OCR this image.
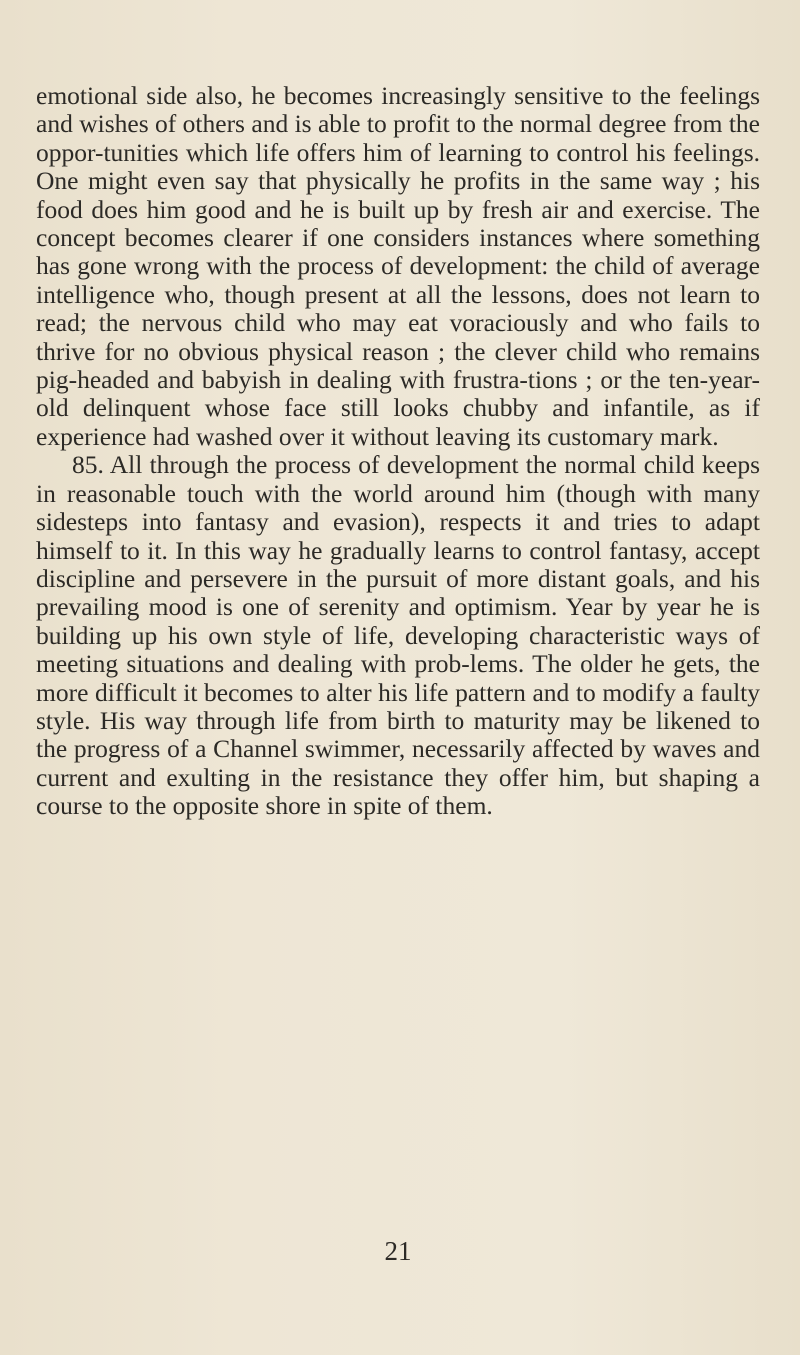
emotional side also, he becomes increasingly sensitive to the feelings and wishes of others and is able to profit to the normal degree from the oppor-tunities which life offers him of learning to control his feelings. One might even say that physically he profits in the same way ; his food does him good and he is built up by fresh air and exercise. The concept becomes clearer if one considers instances where something has gone wrong with the process of development: the child of average intelligence who, though present at all the lessons, does not learn to read; the nervous child who may eat voraciously and who fails to thrive for no obvious physical reason ; the clever child who remains pig-headed and babyish in dealing with frustra-tions ; or the ten-year-old delinquent whose face still looks chubby and infantile, as if experience had washed over it without leaving its customary mark.

85. All through the process of development the normal child keeps in reasonable touch with the world around him (though with many sidesteps into fantasy and evasion), respects it and tries to adapt himself to it. In this way he gradually learns to control fantasy, accept discipline and persevere in the pursuit of more distant goals, and his prevailing mood is one of serenity and optimism. Year by year he is building up his own style of life, developing characteristic ways of meeting situations and dealing with prob-lems. The older he gets, the more difficult it becomes to alter his life pattern and to modify a faulty style. His way through life from birth to maturity may be likened to the progress of a Channel swimmer, necessarily affected by waves and current and exulting in the resistance they offer him, but shaping a course to the opposite shore in spite of them.

21
